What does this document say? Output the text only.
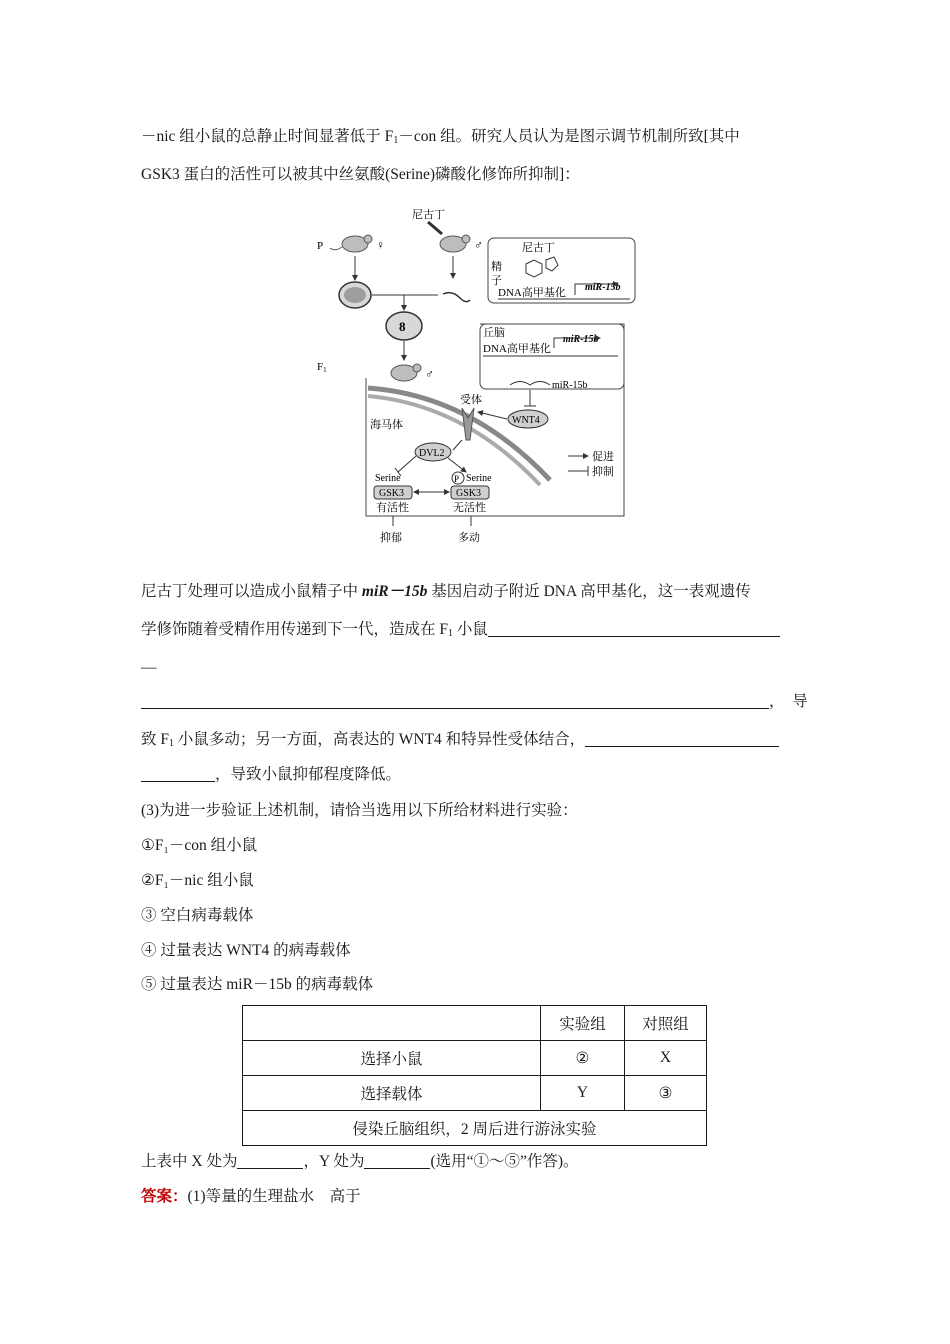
－nic 组小鼠的总静止时间显著低于 $F_1-con$ 组。研究人员认为是图示调节机制所致[其中
GSK3 蛋白的活性可以被其中丝氨酸(Serine)磷酸化修饰所抑制]：
尼古丁
P	♀	♂
精
子
尼古丁
DNA高甲基化 miR-15b
8
F1	♂
丘脑
DNA高甲基化
miR-15b
miR-15b
WNT4
受体
海马体
DVL2
Serine	P Serine
GSK3	GSK3
有活性	无活性
促进
抑制
抑郁	多动
尼古丁处理可以造成小鼠精子中 miR－15b 基因启动子附近 DNA 高甲基化，这一表观遗传
学修饰随着受精作用传递到下一代，造成在 $F_1$ 小鼠
—
，　导
致 $F_1$ 小鼠多动；另一方面，高表达的 WNT4 和特异性受体结合，
，导致小鼠抑郁程度降低。
(3)为进一步验证上述机制，请恰当选用以下所给材料进行实验：
①F₁－con 组小鼠
②F₁－nic 组小鼠
③ 空白病毒载体
④ 过量表达 WNT4 的病毒载体
⑤ 过量表达 miR－15b 的病毒载体
	实验组	对照组
选择小鼠	②	X
选择载体	Y	③
侵染丘脑组织，2 周后进行游泳实验		
上表中 X 处为	，Y 处为	(选用“①～⑤”作答)。
答案：(1)等量的生理盐水　高于
